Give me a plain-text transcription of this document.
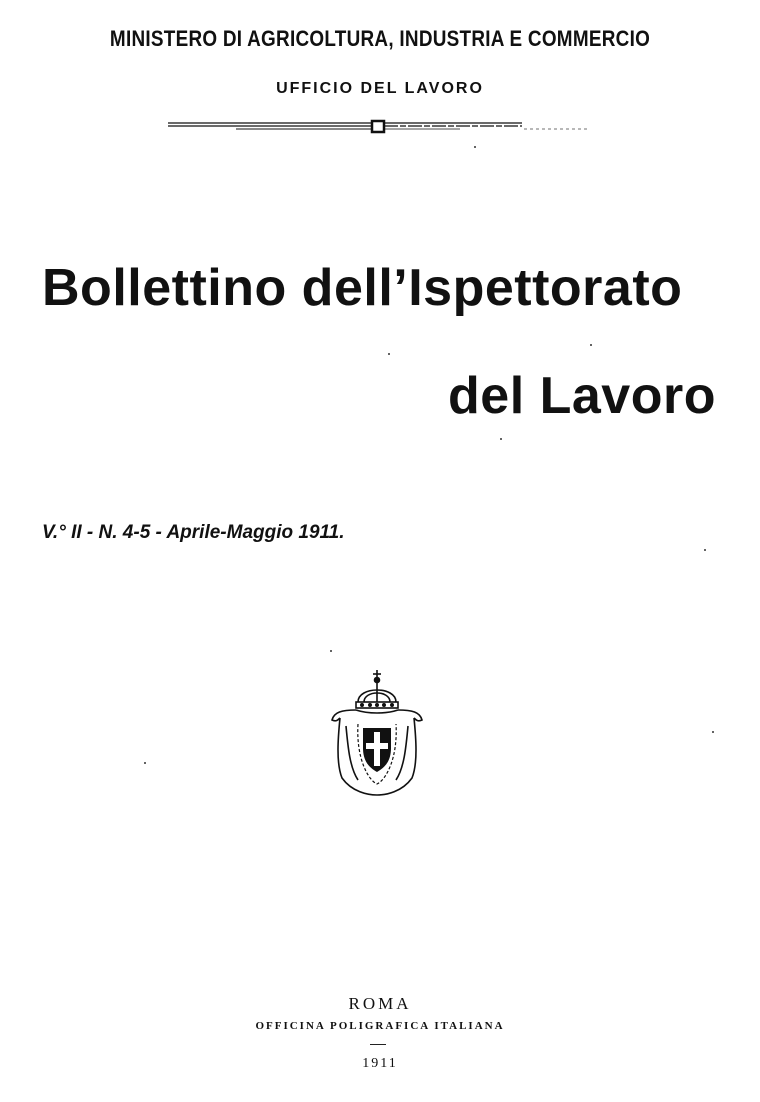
MINISTERO DI AGRICOLTURA, INDUSTRIA E COMMERCIO
UFFICIO DEL LAVORO
Bollettino dell’Ispettorato
del Lavoro
V.° II - N. 4-5 - Aprile-Maggio 1911.
ROMA
OFFICINA POLIGRAFICA ITALIANA
1911
